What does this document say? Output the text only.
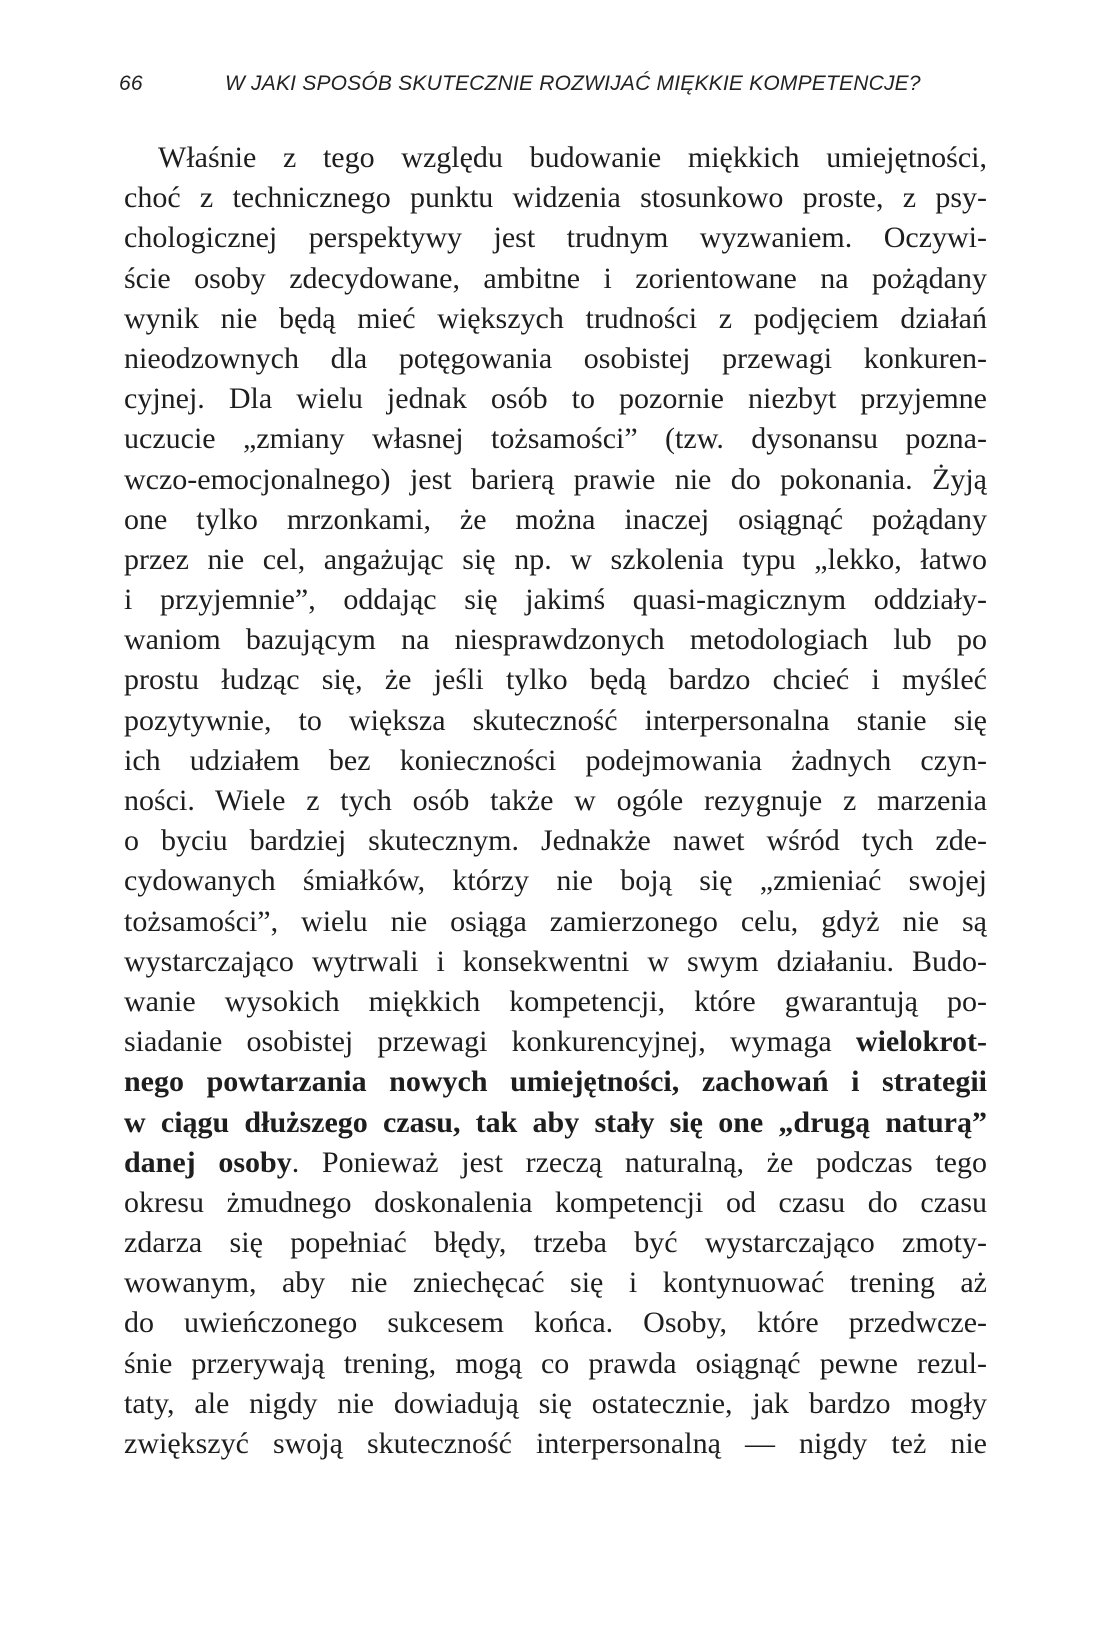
66	W JAKI SPOSÓB SKUTECZNIE ROZWIJAĆ MIĘKKIE KOMPETENCJE?
Właśnie z tego względu budowanie miękkich umiejętności,
choć z technicznego punktu widzenia stosunkowo proste, z psy-
chologicznej perspektywy jest trudnym wyzwaniem. Oczywi-
ście osoby zdecydowane, ambitne i zorientowane na pożądany
wynik nie będą mieć większych trudności z podjęciem działań
nieodzownych dla potęgowania osobistej przewagi konkuren-
cyjnej. Dla wielu jednak osób to pozornie niezbyt przyjemne
uczucie „zmiany własnej tożsamości” (tzw. dysonansu pozna-
wczo-emocjonalnego) jest barierą prawie nie do pokonania. Żyją
one tylko mrzonkami, że można inaczej osiągnąć pożądany
przez nie cel, angażując się np. w szkolenia typu „lekko, łatwo
i przyjemnie”, oddając się jakimś quasi-magicznym oddziały-
waniom bazującym na niesprawdzonych metodologiach lub po
prostu łudząc się, że jeśli tylko będą bardzo chcieć i myśleć
pozytywnie, to większa skuteczność interpersonalna stanie się
ich udziałem bez konieczności podejmowania żadnych czyn-
ności. Wiele z tych osób także w ogóle rezygnuje z marzenia
o byciu bardziej skutecznym. Jednakże nawet wśród tych zde-
cydowanych śmiałków, którzy nie boją się „zmieniać swojej
tożsamości”, wielu nie osiąga zamierzonego celu, gdyż nie są
wystarczająco wytrwali i konsekwentni w swym działaniu. Budo-
wanie wysokich miękkich kompetencji, które gwarantują po-
siadanie osobistej przewagi konkurencyjnej, wymaga wielokrot-
nego powtarzania nowych umiejętności, zachowań i strategii
w ciągu dłuższego czasu, tak aby stały się one „drugą naturą”
danej osoby. Ponieważ jest rzeczą naturalną, że podczas tego
okresu żmudnego doskonalenia kompetencji od czasu do czasu
zdarza się popełniać błędy, trzeba być wystarczająco zmoty-
wowanym, aby nie zniechęcać się i kontynuować trening aż
do uwieńczonego sukcesem końca. Osoby, które przedwcze-
śnie przerywają trening, mogą co prawda osiągnąć pewne rezul-
taty, ale nigdy nie dowiadują się ostatecznie, jak bardzo mogły
zwiększyć swoją skuteczność interpersonalną — nigdy też nie
